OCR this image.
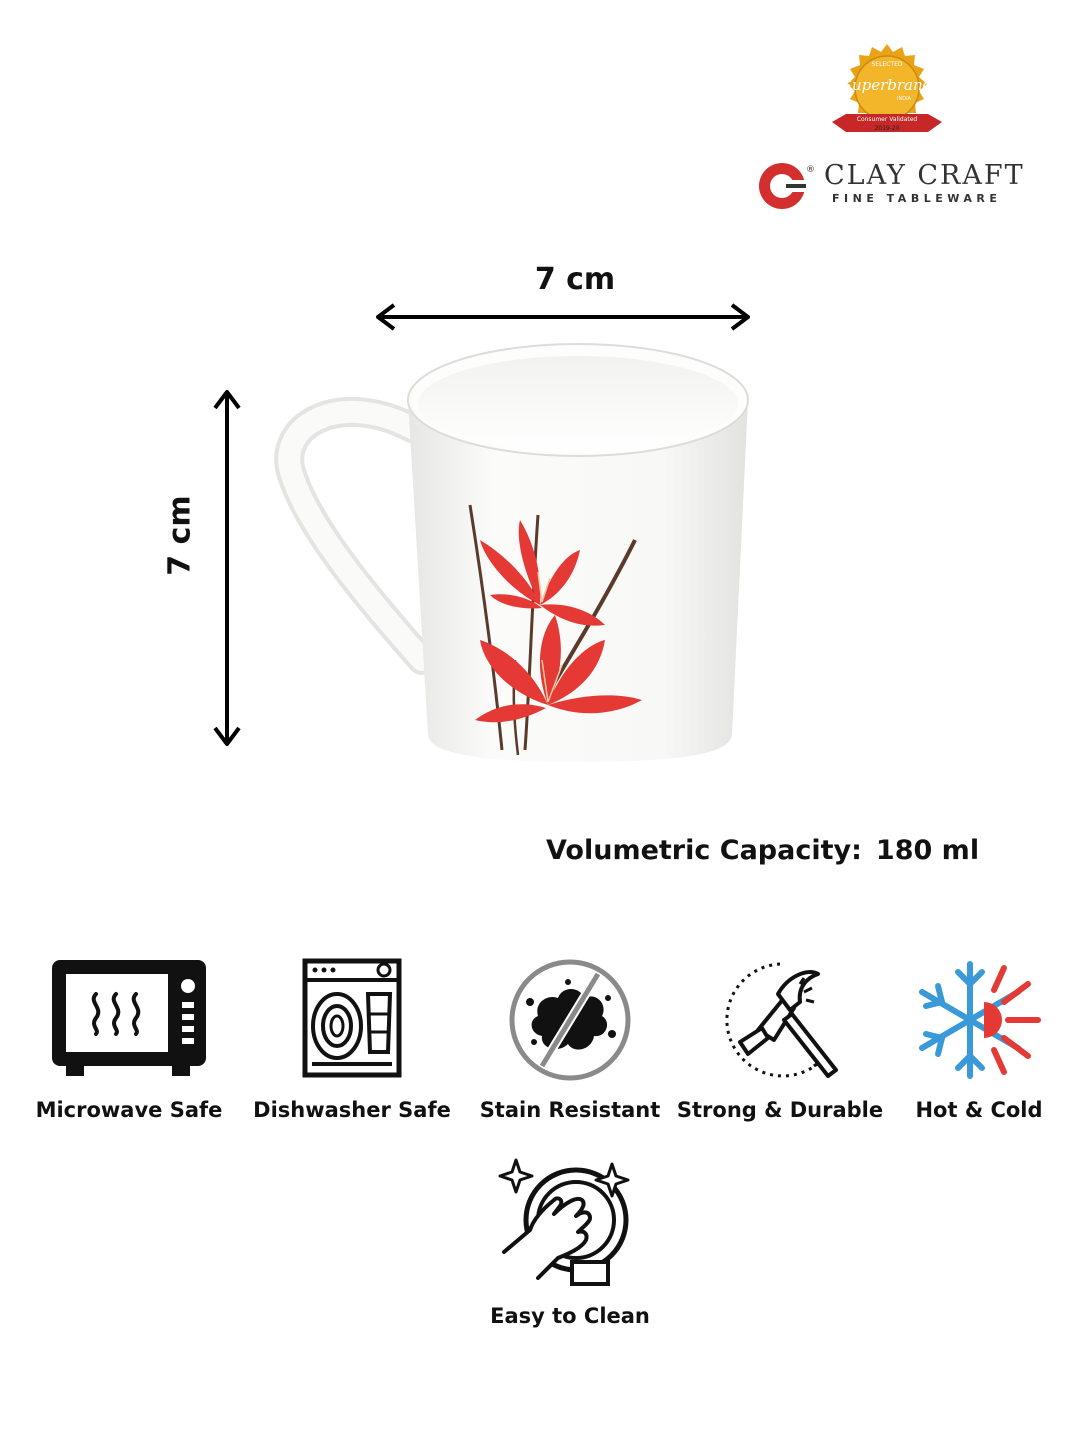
SELECTED
Superbrand
INDIA
Consumer Validated
2019-20
® CLAY CRAFT
FINE TABLEWARE
7 cm
7 cm
Volumetric Capacity: 180 ml
Microwave Safe	Dishwasher Safe	Stain Resistant Strong & Durable	Hot & Cold
Easy to Clean
